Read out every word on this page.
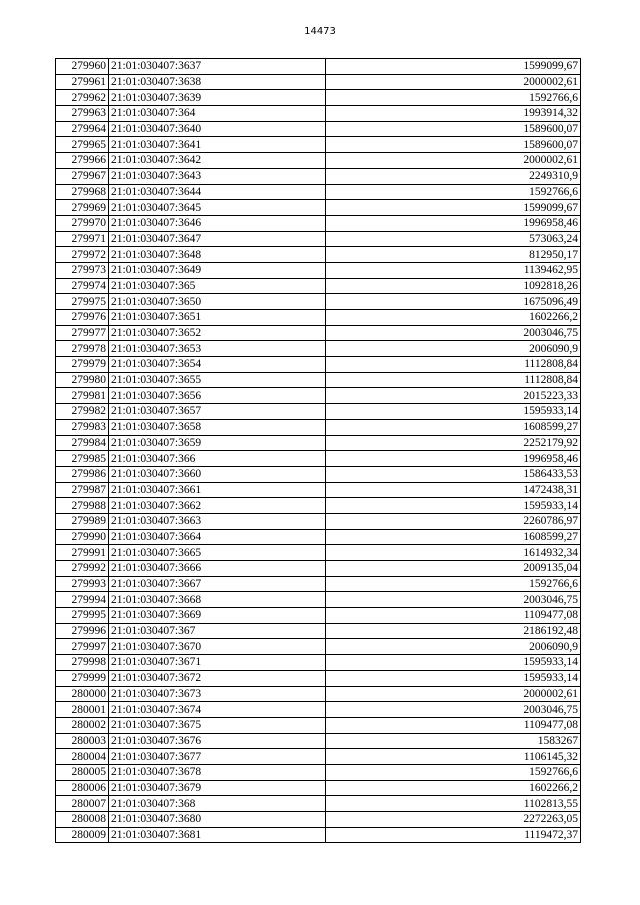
14473
279960	21:01:030407:3637	1599099,67
279961	21:01:030407:3638	2000002,61
279962	21:01:030407:3639	1592766,6
279963	21:01:030407:364	1993914,32
279964	21:01:030407:3640	1589600,07
279965	21:01:030407:3641	1589600,07
279966	21:01:030407:3642	2000002,61
279967	21:01:030407:3643	2249310,9
279968	21:01:030407:3644	1592766,6
279969	21:01:030407:3645	1599099,67
279970	21:01:030407:3646	1996958,46
279971	21:01:030407:3647	573063,24
279972	21:01:030407:3648	812950,17
279973	21:01:030407:3649	1139462,95
279974	21:01:030407:365	1092818,26
279975	21:01:030407:3650	1675096,49
279976	21:01:030407:3651	1602266,2
279977	21:01:030407:3652	2003046,75
279978	21:01:030407:3653	2006090,9
279979	21:01:030407:3654	1112808,84
279980	21:01:030407:3655	1112808,84
279981	21:01:030407:3656	2015223,33
279982	21:01:030407:3657	1595933,14
279983	21:01:030407:3658	1608599,27
279984	21:01:030407:3659	2252179,92
279985	21:01:030407:366	1996958,46
279986	21:01:030407:3660	1586433,53
279987	21:01:030407:3661	1472438,31
279988	21:01:030407:3662	1595933,14
279989	21:01:030407:3663	2260786,97
279990	21:01:030407:3664	1608599,27
279991	21:01:030407:3665	1614932,34
279992	21:01:030407:3666	2009135,04
279993	21:01:030407:3667	1592766,6
279994	21:01:030407:3668	2003046,75
279995	21:01:030407:3669	1109477,08
279996	21:01:030407:367	2186192,48
279997	21:01:030407:3670	2006090,9
279998	21:01:030407:3671	1595933,14
279999	21:01:030407:3672	1595933,14
280000	21:01:030407:3673	2000002,61
280001	21:01:030407:3674	2003046,75
280002	21:01:030407:3675	1109477,08
280003	21:01:030407:3676	1583267
280004	21:01:030407:3677	1106145,32
280005	21:01:030407:3678	1592766,6
280006	21:01:030407:3679	1602266,2
280007	21:01:030407:368	1102813,55
280008	21:01:030407:3680	2272263,05
280009	21:01:030407:3681	1119472,37
